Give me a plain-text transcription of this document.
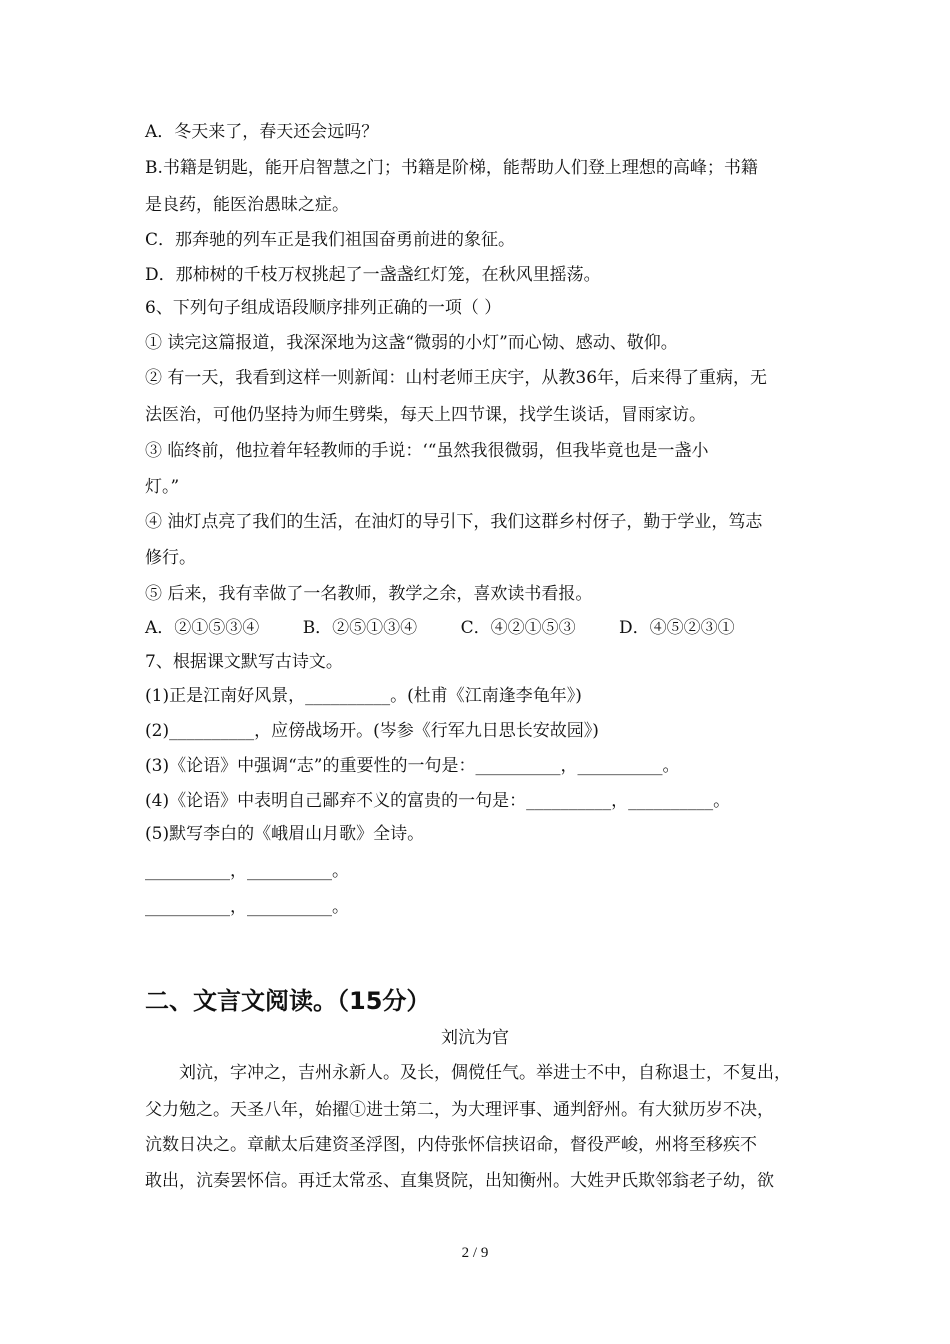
A．冬天来了，春天还会远吗？
B.书籍是钥匙，能开启智慧之门；书籍是阶梯，能帮助人们登上理想的高峰；书籍
是良药，能医治愚昧之症。
C．那奔驰的列车正是我们祖国奋勇前进的象征。
D．那柿树的千枝万杈挑起了一盏盏红灯笼，在秋风里摇荡。
6、下列句子组成语段顺序排列正确的一项（ ）
① 读完这篇报道，我深深地为这盏“微弱的小灯”而心恸、感动、敬仰。
② 有一天，我看到这样一则新闻：山村老师王庆宇，从教36年，后来得了重病，无
法医治，可他仍坚持为师生劈柴，每天上四节课，找学生谈话，冒雨家访。
③ 临终前，他拉着年轻教师的手说：‘“虽然我很微弱，但我毕竟也是一盏小
灯。”
④ 油灯点亮了我们的生活，在油灯的导引下，我们这群乡村伢子，勤于学业，笃志
修行。
⑤ 后来，我有幸做了一名教师，教学之余，喜欢读书看报。
A．②①⑤③④	B．②⑤①③④	C．④②①⑤③	D．④⑤②③①
7、根据课文默写古诗文。
(1)正是江南好风景，__________。(杜甫《江南逢李龟年》)
(2)__________，应傍战场开。(岑参《行军九日思长安故园》)
(3)《论语》中强调“志”的重要性的一句是：__________，__________。
(4)《论语》中表明自己鄙弃不义的富贵的一句是：__________，__________。
(5)默写李白的《峨眉山月歌》全诗。
__________，__________。
__________，__________。
二、文言文阅读。（15分）
刘沆为官
　　刘沆，字冲之，吉州永新人。及长，倜傥任气。举进士不中，自称退士，不复出，
父力勉之。天圣八年，始擢①进士第二，为大理评事、通判舒州。有大狱历岁不决，
沆数日决之。章献太后建资圣浮图，内侍张怀信挟诏命，督役严峻，州将至移疾不
敢出，沆奏罢怀信。再迁太常丞、直集贤院，出知衡州。大姓尹氏欺邻翁老子幼，欲
2 / 9
